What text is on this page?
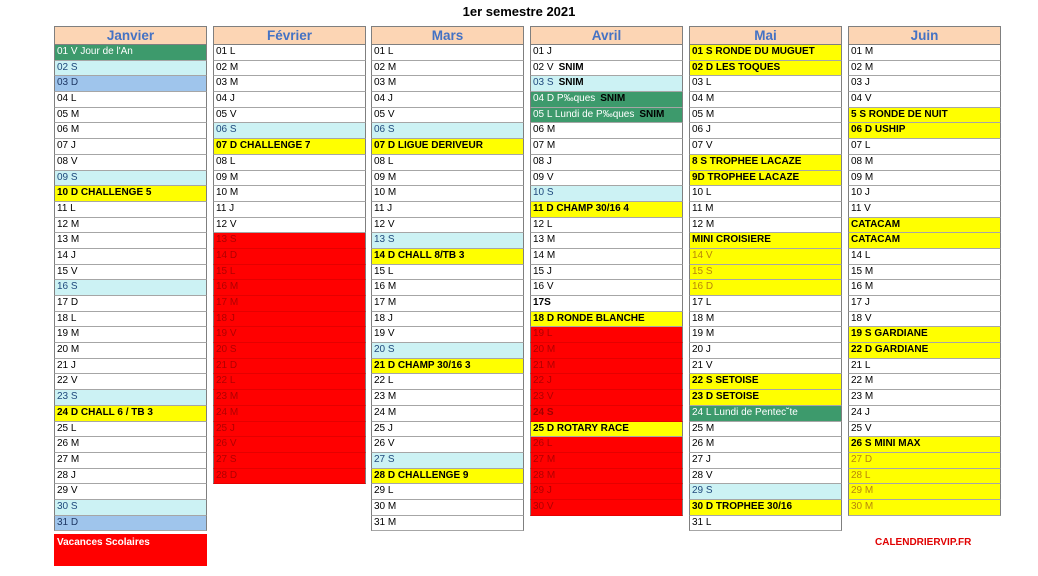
1er semestre 2021
Janvier
01 V Jour de l'An
02 S
03 D
04 L
05 M
06 M
07 J
08 V
09 S
10 D CHALLENGE 5
11 L
12 M
13 M
14 J
15 V
16 S
17 D
18 L
19 M
20 M
21 J
22 V
23 S
24 D CHALL 6 / TB 3
25 L
26 M
27 M
28 J
29 V
30 S
31 D
Février
01 L
02 M
03 M
04 J
05 V
06 S
07 D CHALLENGE 7
08 L
09 M
10 M
11 J
12 V
13 S
14 D
15 L
16 M
17 M
18 J
19 V
20 S
21 D
22 L
23 M
24 M
25 J
26 V
27 S
28 D
Mars
01 L
02 M
03 M
04 J
05 V
06 S
07 D LIGUE DERIVEUR
08 L
09 M
10 M
11 J
12 V
13 S
14 D CHALL 8/TB 3
15 L
16 M
17 M
18 J
19 V
20 S
21 D CHAMP 30/16 3
22 L
23 M
24 M
25 J
26 V
27 S
28 D CHALLENGE 9
29 L
30 M
31 M
Avril
01 J
02 V SNIM
03 S SNIM
04 D P‰ques SNIM
05 L Lundi de P‰ques SNIM
06 M
07 M
08 J
09 V
10 S
11 D CHAMP 30/16 4
12 L
13 M
14 M
15 J
16 V
17S
18 D RONDE BLANCHE
19 L
20 M
21 M
22 J
23 V
24 S
25 D ROTARY RACE
26 L
27 M
28 M
29 J
30 V
Mai
01 S RONDE DU MUGUET
02 D LES TOQUES
03 L
04 M
05 M
06 J
07 V
8 S TROPHEE LACAZE
9D TROPHEE LACAZE
10 L
11 M
12 M
MINI CROISIERE
14 V
15 S
16 D
17 L
18 M
19 M
20 J
21 V
22 S SETOISE
23 D SETOISE
24 L Lundi de Pentec˘te
25 M
26 M
27 J
28 V
29 S
30 D TROPHEE 30/16
31 L
Juin
01 M
02 M
03 J
04 V
5 S RONDE DE NUIT
06 D USHIP
07 L
08 M
09 M
10 J
11 V
CATACAM
CATACAM
14 L
15 M
16 M
17 J
18 V
19 S GARDIANE
22 D GARDIANE
21 L
22 M
23 M
24 J
25 V
26 S MINI MAX
27 D
28 L
29 M
30 M
Vacances Scolaires	CALENDRIERVIP.FR
